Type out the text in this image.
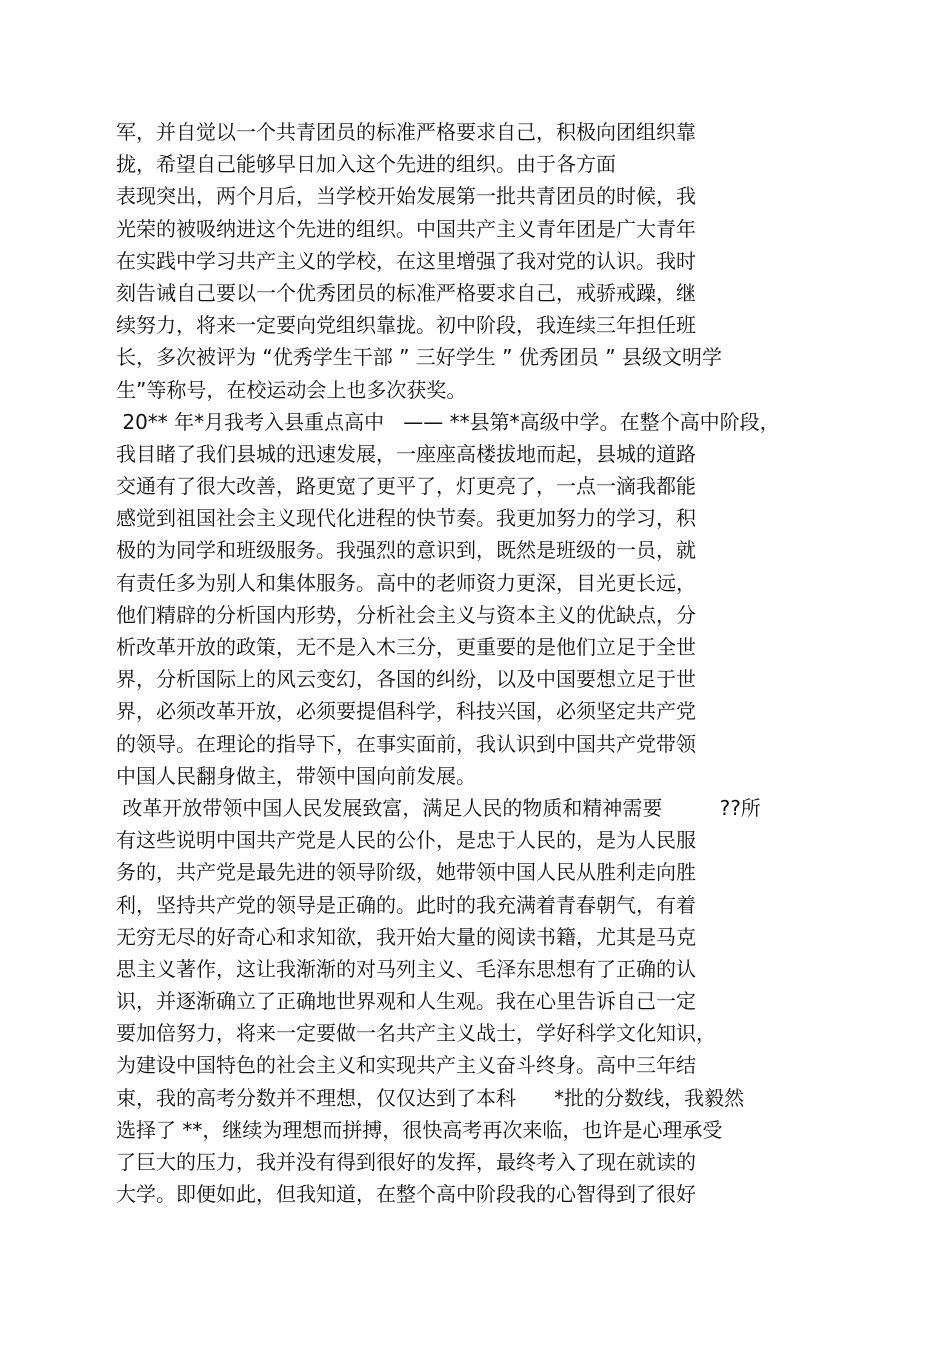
军，并自觉以一个共青团员的标准严格要求自己，积极向团组织靠
拢，希望自己能够早日加入这个先进的组织。由于各方面
表现突出，两个月后，当学校开始发展第一批共青团员的时候，我
光荣的被吸纳进这个先进的组织。中国共产主义青年团是广大青年
在实践中学习共产主义的学校，在这里增强了我对党的认识。我时
刻告诫自己要以一个优秀团员的标准严格要求自己，戒骄戒躁，继
续努力，将来一定要向党组织靠拢。初中阶段，我连续三年担任班
长，多次被评为 “优秀学生干部 ” 三好学生 ” 优秀团员 ” 县级文明学
生”等称号，在校运动会上也多次获奖。
20** 年*月我考入县重点高中   —— **县第*高级中学。在整个高中阶段，
我目睹了我们县城的迅速发展，一座座高楼拔地而起，县城的道路
交通有了很大改善，路更宽了更平了，灯更亮了，一点一滴我都能
感觉到祖国社会主义现代化进程的快节奏。我更加努力的学习，积
极的为同学和班级服务。我强烈的意识到，既然是班级的一员，就
有责任多为别人和集体服务。高中的老师资力更深，目光更长远，
他们精辟的分析国内形势，分析社会主义与资本主义的优缺点，分
析改革开放的政策，无不是入木三分，更重要的是他们立足于全世
界，分析国际上的风云变幻，各国的纠纷，以及中国要想立足于世
界，必须改革开放，必须要提倡科学，科技兴国，必须坚定共产党
的领导。在理论的指导下，在事实面前，我认识到中国共产党带领
中国人民翻身做主，带领中国向前发展。
改革开放带领中国人民发展致富，满足人民的物质和精神需要         ??所
有这些说明中国共产党是人民的公仆，是忠于人民的，是为人民服
务的，共产党是最先进的领导阶级，她带领中国人民从胜利走向胜
利，坚持共产党的领导是正确的。此时的我充满着青春朝气，有着
无穷无尽的好奇心和求知欲，我开始大量的阅读书籍，尤其是马克
思主义著作，这让我渐渐的对马列主义、毛泽东思想有了正确的认
识，并逐渐确立了正确地世界观和人生观。我在心里告诉自己一定
要加倍努力，将来一定要做一名共产主义战士，学好科学文化知识，
为建设中国特色的社会主义和实现共产主义奋斗终身。高中三年结
束，我的高考分数并不理想，仅仅达到了本科      *批的分数线，我毅然
选择了 **，继续为理想而拼搏，很快高考再次来临，也许是心理承受
了巨大的压力，我并没有得到很好的发挥，最终考入了现在就读的
大学。即便如此，但我知道，在整个高中阶段我的心智得到了很好
